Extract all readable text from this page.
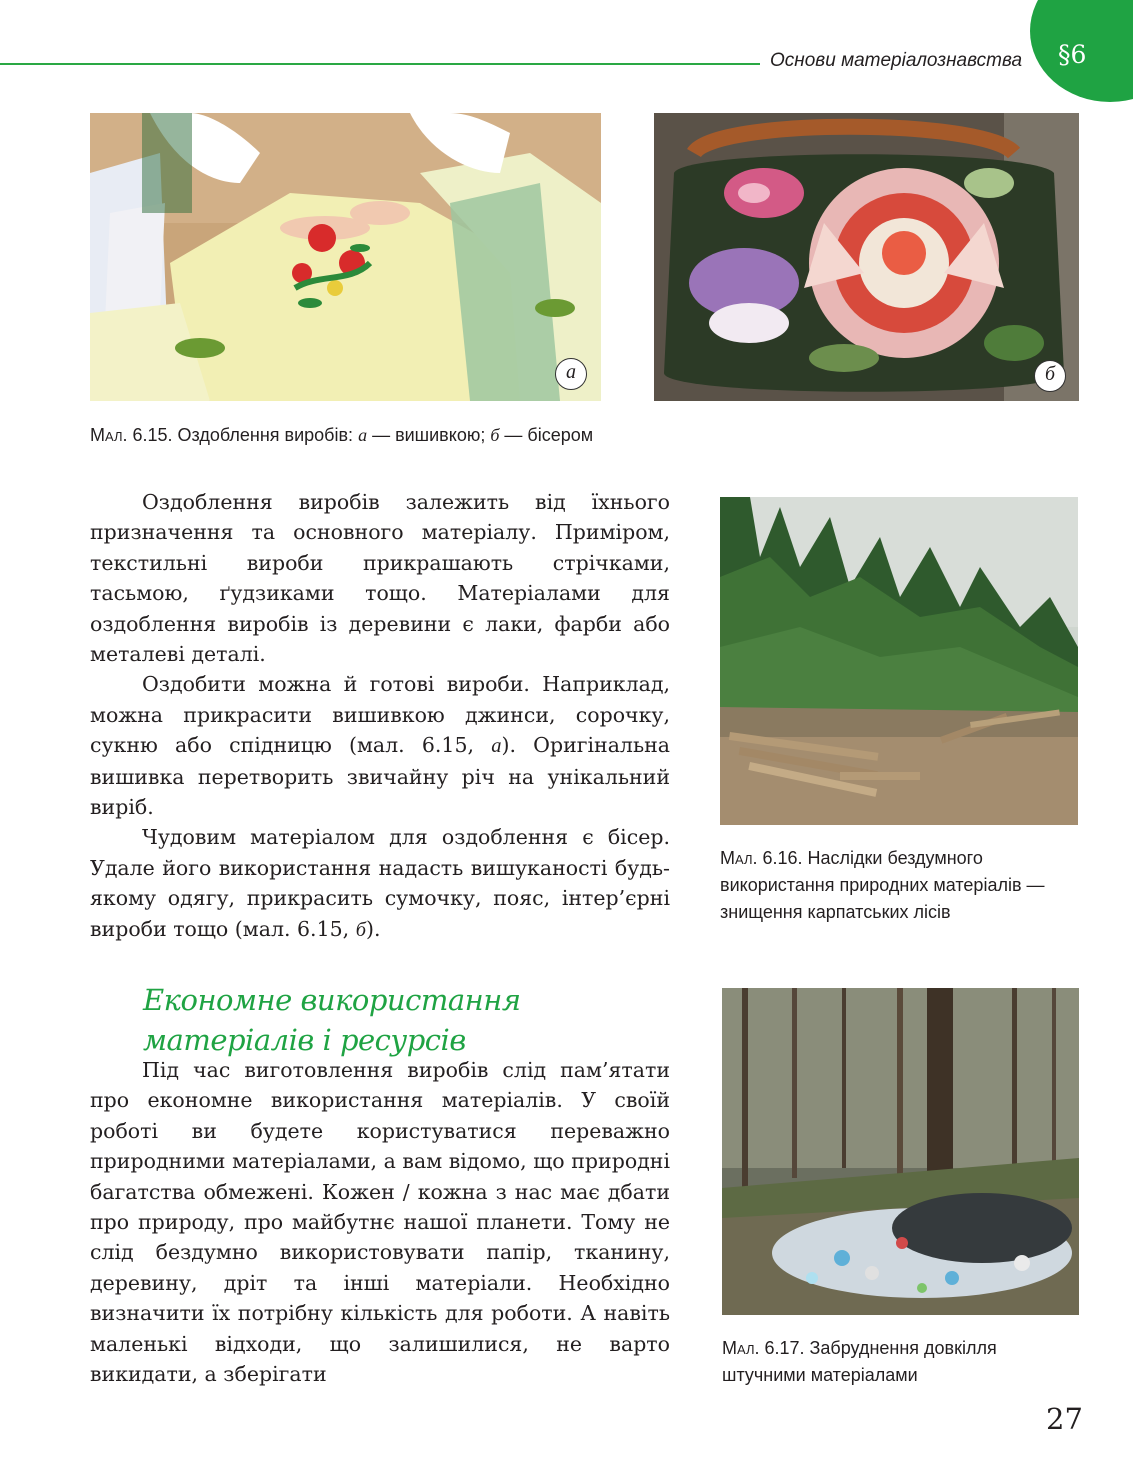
Основи матеріалознавства §6
а	б
Мал. 6.15. Оздоблення виробів: а — вишивкою; б — бісером

Оздоблення виробів залежить від їхнього призначення та основного матеріалу. Приміром, текстильні вироби прикрашають стрічками, тасьмою, ґудзиками тощо. Матеріалами для оздоблення виробів із деревини є лаки, фарби або металеві деталі.

Оздобити можна й готові вироби. Наприклад, можна прикрасити вишивкою джинси, сорочку, сукню або спідницю (мал. 6.15, а). Оригінальна вишивка перетворить звичайну річ на унікальний виріб.

Чудовим матеріалом для оздоблення є бісер. Удале його використання надасть вишуканості будь-якому одягу, прикрасить сумочку, пояс, інтер’єрні вироби тощо (мал. 6.15, б).

Економне використання
матеріалів і ресурсів

Під час виготовлення виробів слід пам’ятати про економне використання матеріалів. У своїй роботі ви будете користуватися переважно природними матеріалами, а вам відомо, що природні багатства обмежені. Кожен / кожна з нас має дбати про природу, про майбутнє нашої планети. Тому не слід бездумно використовувати папір, тканину, деревину, дріт та інші матеріали. Необхідно визначити їх потрібну кількість для роботи. А навіть маленькі відходи, що залишилися, не варто викидати, а зберігати

Мал. 6.16. Наслідки бездумного використання природних матеріалів — знищення карпатських лісів
Мал. 6.17. Забруднення довкілля штучними матеріалами
27
